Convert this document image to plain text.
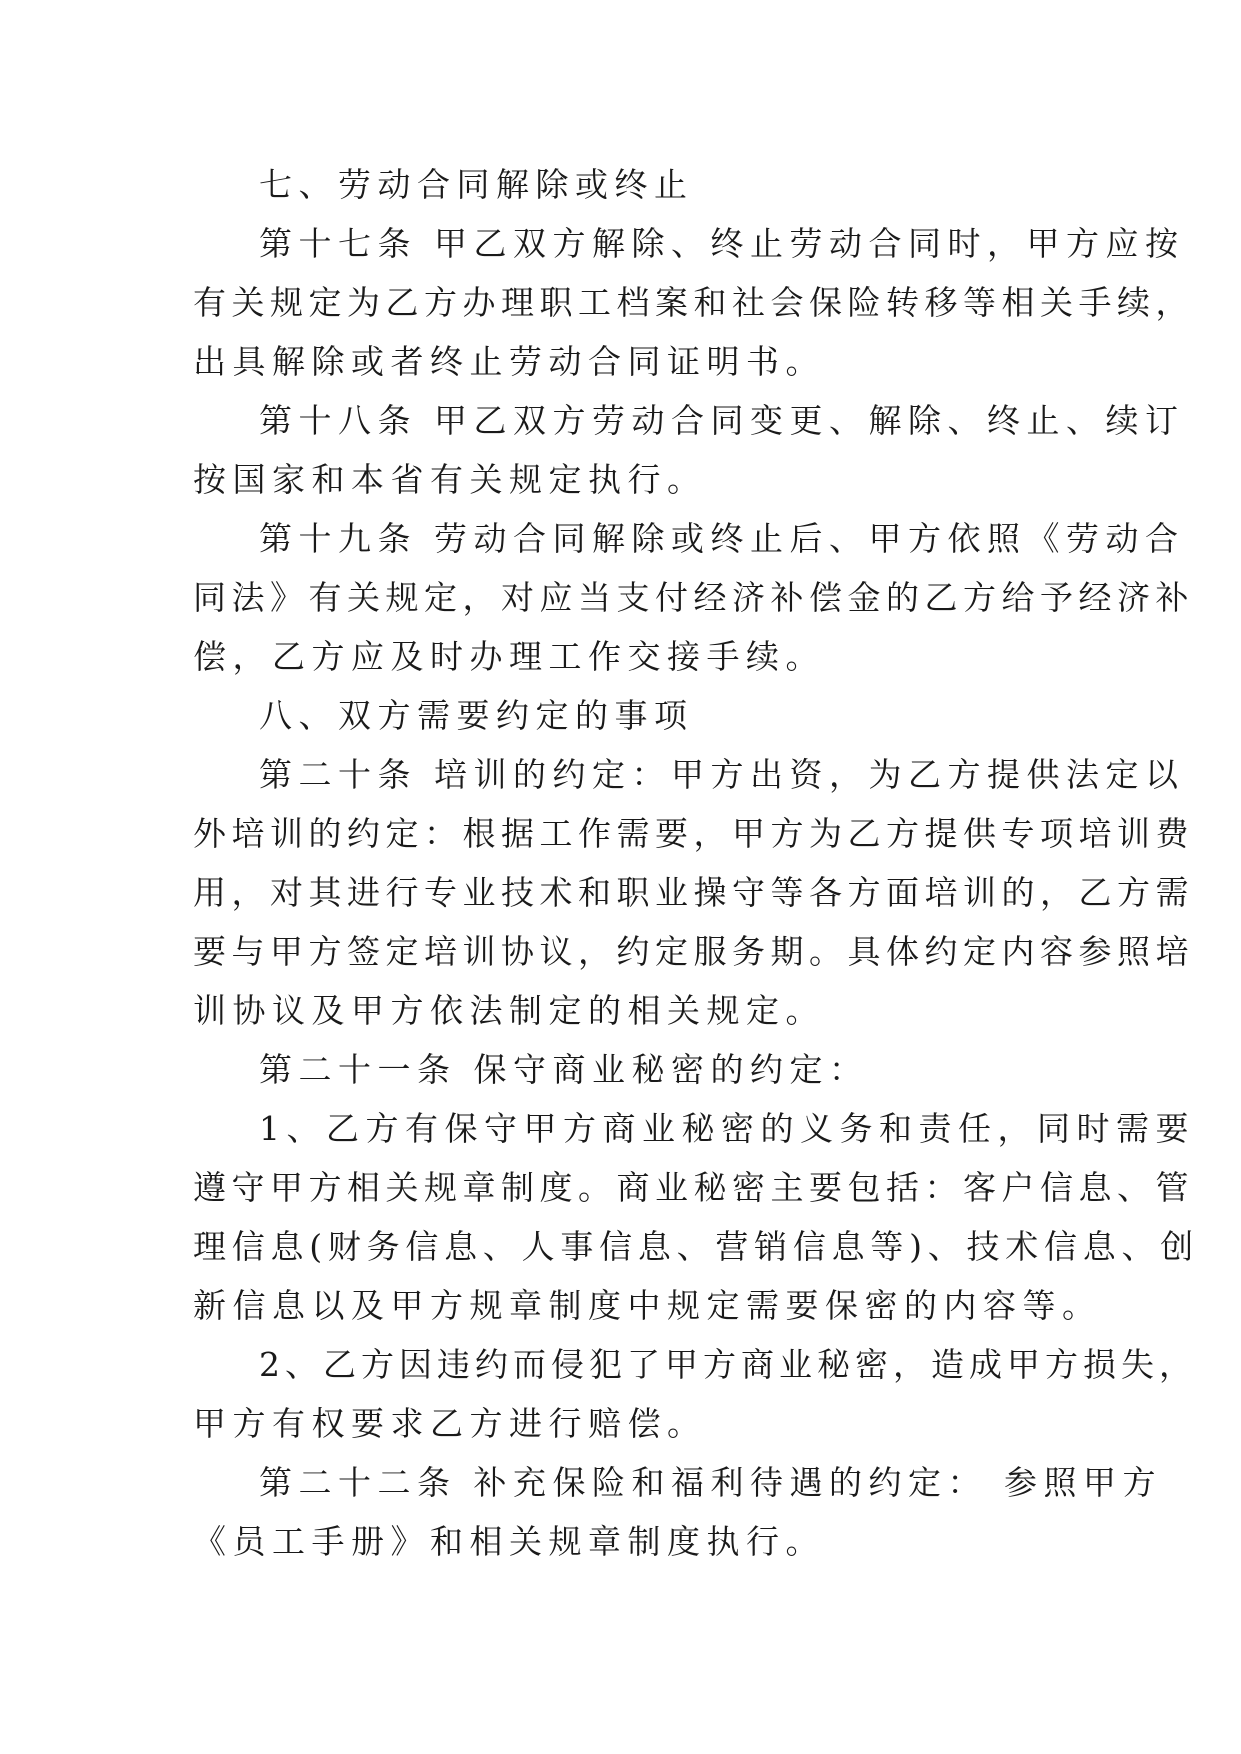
七、劳动合同解除或终止
第十七条 甲乙双方解除、终止劳动合同时，甲方应按
有关规定为乙方办理职工档案和社会保险转移等相关手续，
出具解除或者终止劳动合同证明书。
第十八条 甲乙双方劳动合同变更、解除、终止、续订
按国家和本省有关规定执行。
第十九条 劳动合同解除或终止后、甲方依照《劳动合
同法》有关规定，对应当支付经济补偿金的乙方给予经济补
偿，乙方应及时办理工作交接手续。
八、双方需要约定的事项
第二十条 培训的约定：甲方出资，为乙方提供法定以
外培训的约定：根据工作需要，甲方为乙方提供专项培训费
用，对其进行专业技术和职业操守等各方面培训的，乙方需
要与甲方签定培训协议，约定服务期。具体约定内容参照培
训协议及甲方依法制定的相关规定。
第二十一条 保守商业秘密的约定：
1、乙方有保守甲方商业秘密的义务和责任，同时需要
遵守甲方相关规章制度。商业秘密主要包括：客户信息、管
理信息(财务信息、人事信息、营销信息等)、技术信息、创
新信息以及甲方规章制度中规定需要保密的内容等。
2、乙方因违约而侵犯了甲方商业秘密，造成甲方损失，
甲方有权要求乙方进行赔偿。
第二十二条 补充保险和福利待遇的约定： 参照甲方
《员工手册》和相关规章制度执行。
